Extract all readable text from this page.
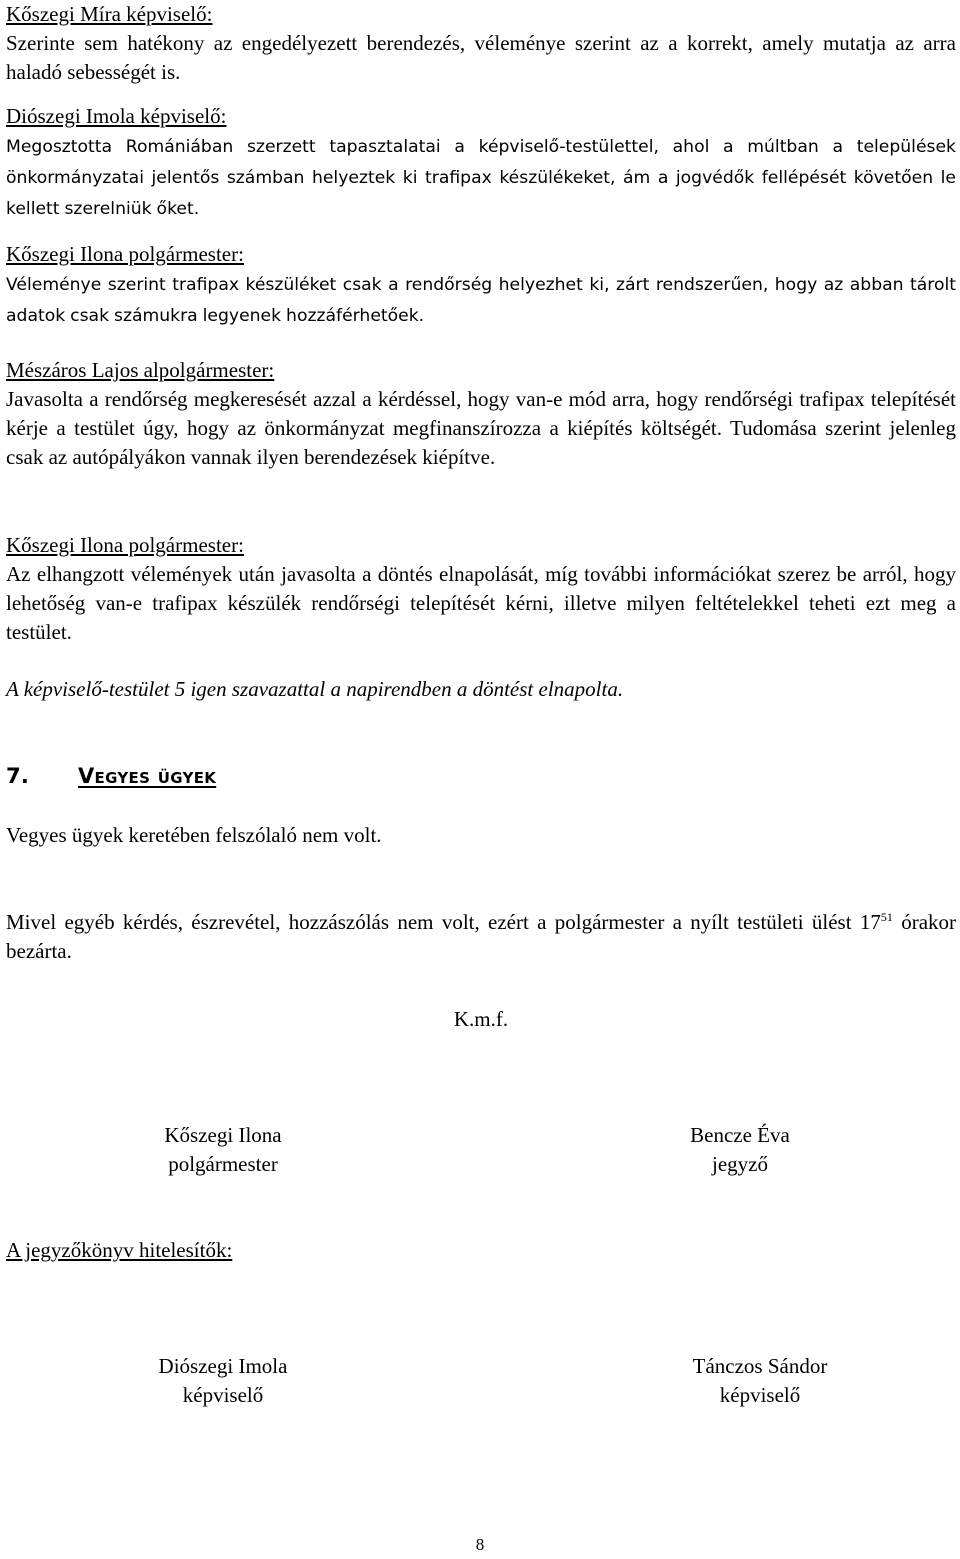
Kőszegi Míra képviselő:
Szerinte sem hatékony az engedélyezett berendezés, véleménye szerint az a korrekt, amely mutatja az arra haladó sebességét is.
Diószegi Imola képviselő:
Megosztotta Romániában szerzett tapasztalatai a képviselő-testülettel, ahol a múltban a települések önkormányzatai jelentős számban helyeztek ki trafipax készülékeket, ám a jogvédők fellépését követően le kellett szerelniük őket.
Kőszegi Ilona polgármester:
Véleménye szerint trafipax készüléket csak a rendőrség helyezhet ki, zárt rendszerűen, hogy az abban tárolt adatok csak számukra legyenek hozzáférhetőek.
Mészáros Lajos alpolgármester:
Javasolta a rendőrség megkeresését azzal a kérdéssel, hogy van-e mód arra, hogy rendőrségi trafipax telepítését kérje a testület úgy, hogy az önkormányzat megfinanszírozza a kiépítés költségét. Tudomása szerint jelenleg csak az autópályákon vannak ilyen berendezések kiépítve.
Kőszegi Ilona polgármester:
Az elhangzott vélemények után javasolta a döntés elnapolását, míg további információkat szerez be arról, hogy lehetőség van-e trafipax készülék rendőrségi telepítését kérni, illetve milyen feltételekkel teheti ezt meg a testület.
A képviselő-testület 5 igen szavazattal a napirendben a döntést elnapolta.
7. Vegyes ügyek
Vegyes ügyek keretében felszólaló nem volt.
Mivel egyéb kérdés, észrevétel, hozzászólás nem volt, ezért a polgármester a nyílt testületi ülést $17^{51}$ órakor bezárta.
K.m.f.
Kőszegi Ilona
polgármester
Bencze Éva
jegyző
A jegyzőkönyv hitelesítők:
Diószegi Imola
képviselő
Tánczos Sándor
képviselő
8
